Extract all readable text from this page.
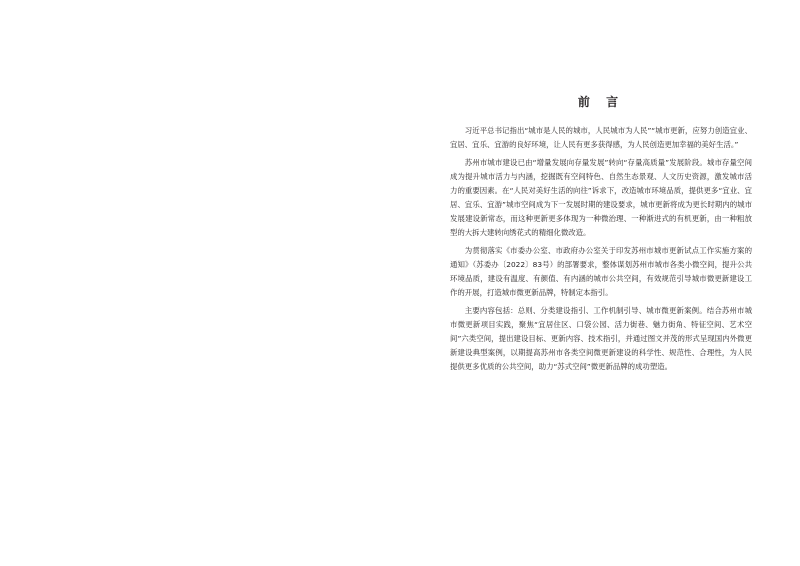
前 言

习近平总书记指出“城市是人民的城市，人民城市为人民”“城市更新，应努力创造宜业、宜居、宜乐、宜游的良好环境，让人民有更多获得感，为人民创造更加幸福的美好生活。”

苏州市城市建设已由“增量发展向存量发展”转向“存量高质量”发展阶段。城市存量空间成为提升城市活力与内涵，挖掘既有空间特色、自然生态景观、人文历史资源，激发城市活力的重要因素。在“人民对美好生活的向往”诉求下，改造城市环境品质，提供更多“宜业、宜居、宜乐、宜游”城市空间成为下一发展时期的建设要求，城市更新将成为更长时期内的城市发展建设新常态，而这种更新更多体现为一种微治理、一种渐进式的有机更新，由一种粗放型的大拆大建转向绣花式的精细化微改造。

为贯彻落实《市委办公室、市政府办公室关于印发苏州市城市更新试点工作实施方案的通知》（苏委办〔2022〕83号）的部署要求，整体谋划苏州市城市各类小微空间，提升公共环境品质，建设有温度、有颜值、有内涵的城市公共空间，有效规范引导城市微更新建设工作的开展，打造城市微更新品牌，特制定本指引。

主要内容包括：总则、分类建设指引、工作机制引导、城市微更新案例。结合苏州市城市微更新项目实践，聚焦“宜居住区、口袋公园、活力街巷、魅力街角、特征空间、艺术空间”六类空间，提出建设目标、更新内容、技术指引，并通过图文并茂的形式呈现国内外微更新建设典型案例，以期提高苏州市各类空间微更新建设的科学性、规范性、合理性，为人民提供更多优质的公共空间，助力“苏式空间”微更新品牌的成功塑造。
